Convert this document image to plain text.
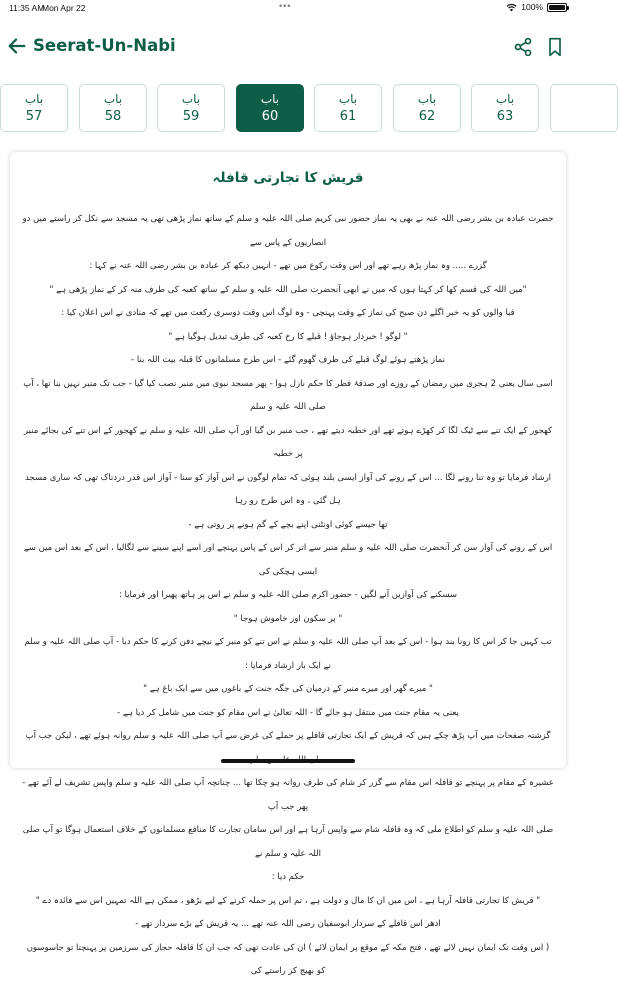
11:35 AM
Mon Apr 22	•••	100%
Seerat-Un-Nabi
باب
57
باب
58
باب
59
باب
60
باب
61
باب
62
باب
63
قریش کا تجارتی قافلہ

حضرت عبادہ بن بشر رضی اللہ عنہ نے بھی یہ نماز حضور نبی کریم صلی اللہ علیہ و سلم کے ساتھ نماز پڑھی تھی یہ مسجد سے نکل کر راستے میں دو انصاریوں کے پاس سے

گزرے ..... وہ نماز پڑھ رہے تھے اور اس وقت رکوع میں تھے - انہیں دیکھ کر عبادہ بن بشر رضی اللہ عنہ نے کہا :

"میں اللہ کی قسم کھا کر کہتا ہوں کہ میں نے ابھی آنحضرت صلی اللہ علیہ و سلم کے ساتھ کعبہ کی طرف منہ کر کے نماز پڑھی ہے "

قبا والوں کو یہ خبر اگلے دن صبح کی نماز کے وقت پہنچی - وہ لوگ اس وقت دوسری رکعت میں تھے کہ منادی نے اس اعلان کیا :

" لوگو ! خبردار ہوجاؤ ! قبلے کا رخ کعبہ کی طرف تبدیل ہوگیا ہے "

نماز پڑھتے ہوئے لوگ قبلے کی طرف گھوم گئے - اس طرح مسلمانوں کا قبلہ بیت اللہ بنا -

اسی سال یعنی 2 ہجری میں رمضان کے روزے اور صدقۂ فطر کا حکم نازل ہوا - پھر مسجد نبوی میں منبر نصب کیا گیا - جب تک منبر نہیں بنا تھا ، آپ صلی اللہ علیہ و سلم

کھجور کے ایک تنے سے ٹیک لگا کر کھڑے ہوتے تھے اور خطبہ دیتے تھے ، جب منبر بن گیا اور آپ صلی اللہ علیہ و سلم نے کھجور کے اس تنے کی بجائے منبر پر خطبہ

ارشاد فرمایا تو وہ تنا رونے لگا ... اس کے رونے کی آواز ایسی بلند ہوئی کہ تمام لوگوں نے اس آواز کو سنا - آواز اس قدر دردناک تھی کہ ساری مسجد ہل گئی ، وہ اس طرح رو رہا

تھا جیسے کوئی اونٹنی اپنے بچے کے گم ہونے پر روتی ہے -

اس کے رونے کی آواز سن کر آنحضرت صلی اللہ علیہ و سلم منبر سے اتر کر اس کے پاس پہنچے اور اسے اپنے سینے سے لگالیا ، اس کے بعد اس میں سے ایسی ہچکی کی

سسکنے کی آوازیں آنے لگیں - حضور اکرم صلی اللہ علیہ و سلم نے اس پر ہاتھ پھیرا اور فرمایا :

" پر سکون اور خاموش ہوجا "

تب کہیں جا کر اس کا رونا بند ہوا - اس کے بعد آپ صلی اللہ علیہ و سلم نے اس تنے کو منبر کے نیچے دفن کرنے کا حکم دیا - آپ صلی اللہ علیہ و سلم نے ایک بار ارشاد فرمایا :

" میرے گھر اور میرے منبر کے درمیان کی جگہ جنت کے باغوں میں سے ایک باغ ہے "

یعنی یہ مقام جنت میں منتقل ہو جائے گا - اللہ تعالیٰ نے اس مقام کو جنت میں شامل کر دیا ہے -

گزشتہ صفحات میں آپ پڑھ چکے ہیں کہ قریش کے ایک تجارتی قافلے پر حملے کی غرض سے آپ صلی اللہ علیہ و سلم روانہ ہوئے تھے ، لیکن جب آپ

عشیرہ کے مقام پر پہنچے تو قافلہ اس مقام سے گزر کر شام کی طرف روانہ ہو چکا تھا ... چنانچہ آپ صلی اللہ علیہ و سلم واپس تشریف لے آئے تھے - پھر جب آپ

صلی اللہ علیہ و سلم کو اطلاع ملی کہ وہ قافلہ شام سے واپس آرہا ہے اور اس سامان تجارت کا منافع مسلمانوں کے خلاف استعمال ہوگا تو آپ صلی اللہ علیہ و سلم نے

حکم دیا :

" قریش کا تجارتی قافلہ آرہا ہے ، اس میں ان کا مال و دولت ہے ، تم اس پر حملہ کرنے کے لیے بڑھو ، ممکن ہے اللہ تمہیں اس سے فائدہ دے "

ادھر اس قافلے کے سردار ابوسفیان رضی اللہ عنہ تھے ... یہ قریش کے بڑے سردار تھے -

( اس وقت تک ایمان نہیں لائے تھے ، فتح مکہ کے موقع پر ایمان لائے ) ان کی عادت تھی کہ جب ان کا قافلہ حجاز کی سرزمین پر پہنچتا تو جاسوسوں کو بھیج کر راستے کی
